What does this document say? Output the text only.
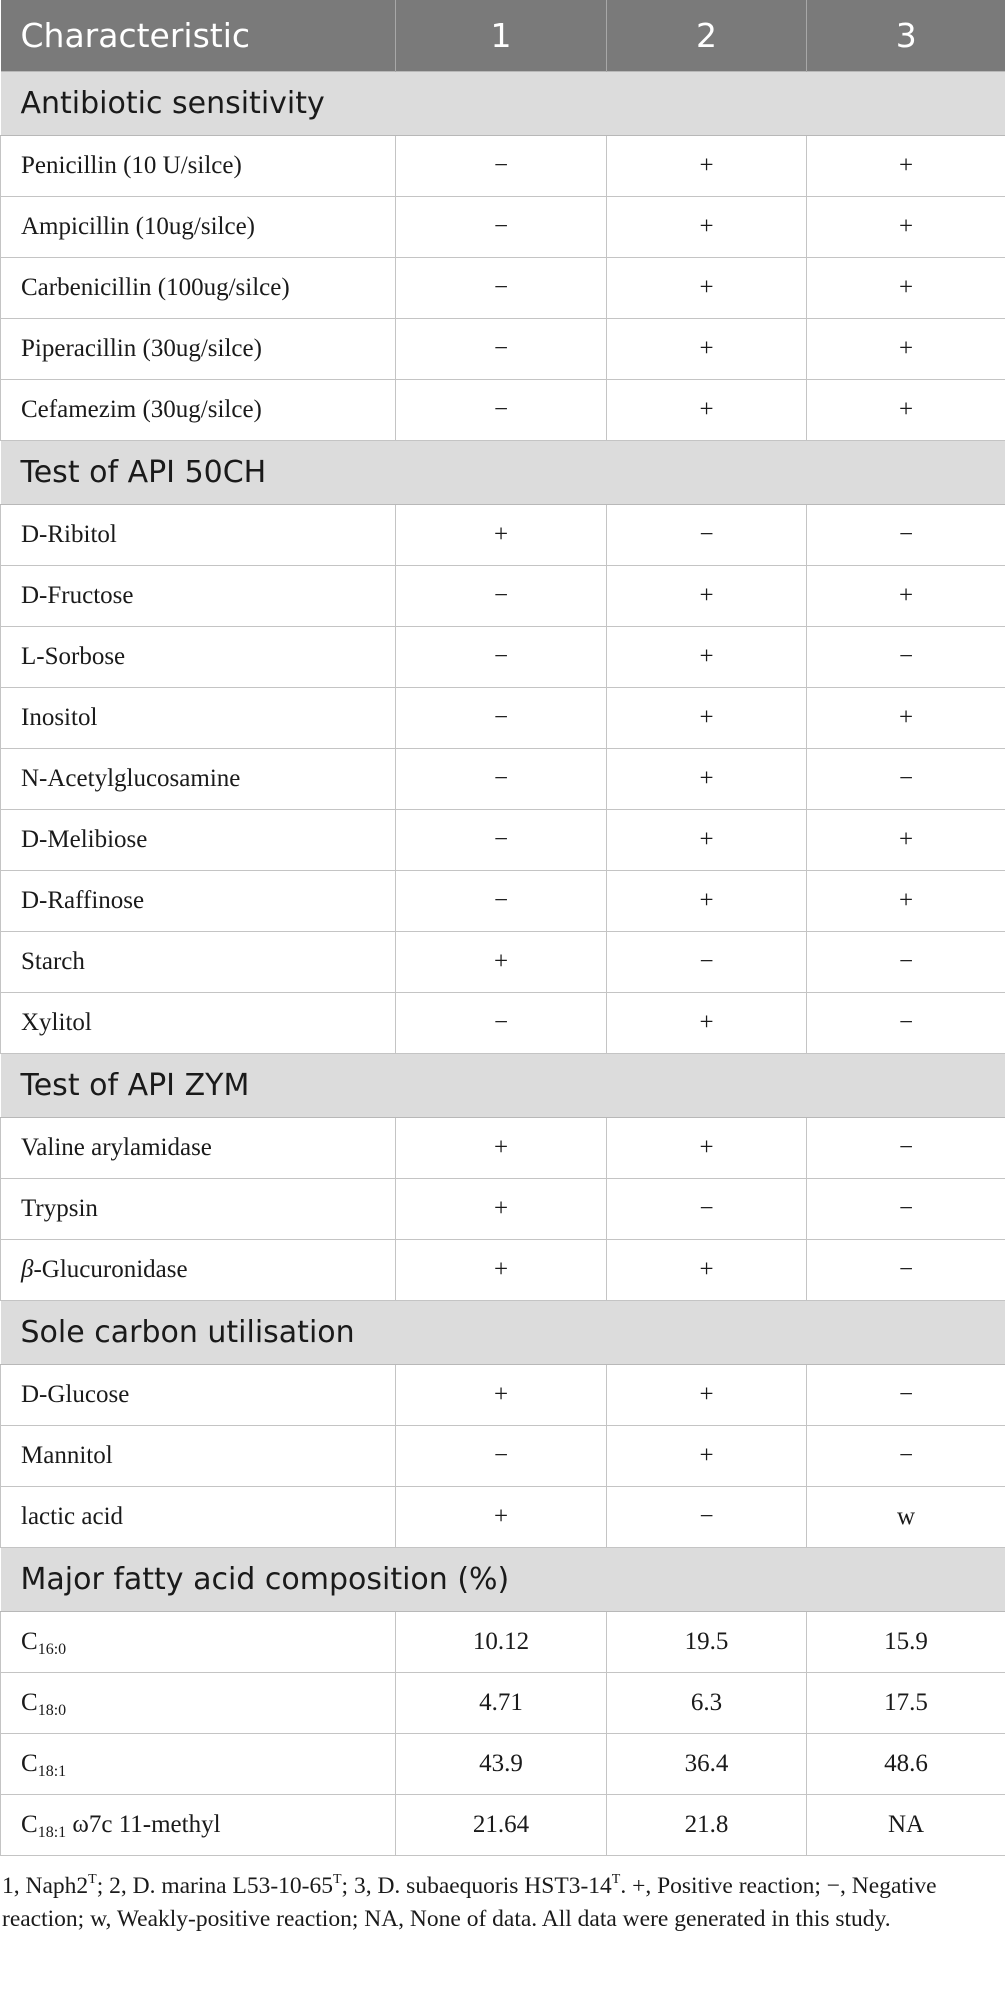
Characteristic	1	2	3
Antibiotic sensitivity			
Penicillin (10 U/silce)	−	+	+
Ampicillin (10ug/silce)	−	+	+
Carbenicillin (100ug/silce)	−	+	+
Piperacillin (30ug/silce)	−	+	+
Cefamezim (30ug/silce)	−	+	+
Test of API 50CH			
D-Ribitol	+	−	−
D-Fructose	−	+	+
L-Sorbose	−	+	−
Inositol	−	+	+
N-Acetylglucosamine	−	+	−
D-Melibiose	−	+	+
D-Raffinose	−	+	+
Starch	+	−	−
Xylitol	−	+	−
Test of API ZYM			
Valine arylamidase	+	+	−
Trypsin	+	−	−
β-Glucuronidase	+	+	−
Sole carbon utilisation			
D-Glucose	+	+	−
Mannitol	−	+	−
lactic acid	+	−	w
Major fatty acid composition (%)			
$C_{16:0}$	10.12	19.5	15.9
$C_{18:0}$	4.71	6.3	17.5
$C_{18:1}$	43.9	36.4	48.6
$C_{18:1}$ ω7c 11-methyl	21.64	21.8	NA
1, $Naph2^T$; 2, D. marina $L53-10-65^T$; 3, D. subaequoris $HST3-14^T$. +, Positive reaction; −, Negative reaction; w, Weakly-positive reaction; NA, None of data. All data were generated in this study.
